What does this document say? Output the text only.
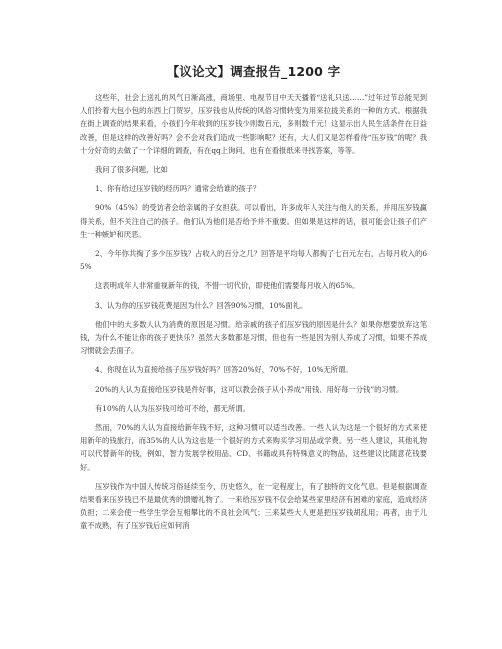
【议论文】调查报告_1200 字

这些年，社会上送礼的风气日渐高涨，商场里、电视节目中天天播着“送礼只送……”过年过节总能见到人们拎着大包小包的东西上门贺岁，压岁钱也从传统的风俗习惯转变为用来拉拢关系的一种的方式。根据我在街上调查的结果来看，小孩们今年收到的压岁钱少则数百元，多则数千元！这显示出人民生活条件在日益改善，但是这样的改善好吗？会不会对我们造成一些影响呢？还有，大人们又是怎样看待“压岁钱”的呢？我十分好奇的去做了一个详细的调查，有在qq上询问，也有在看报纸来寻找答案，等等。

我问了很多问题，比如

1、你有给过压岁钱的经历吗？通常会给谁的孩子？

90%（45%）的受访者会给亲属的子女担获。可以看出，许多成年人关注与他人的关系，并用压岁钱赢得关系，但不关注自己的孩子。他们认为他们是否给予并不重要。但如果是这样的话，很可能会让孩子们产生一种嫉妒和厌恶。

2、今年你共掏了多少压岁钱？占收入的百分之几？回答是平均每人都掏了七百元左右，占每月收入的65%

这表明成年人非常重视新年的钱，不惜一切代价，即使他们需要每月收入的65%。

3、认为你的压岁钱花费是因为什么？回答90%习惯，10%面礼。

他们中的大多数人认为消费的原因是习惯。给亲戚的孩子们压岁钱的原因是什么？如果你想要放弃这笔钱，为什么不能让你的孩子更快乐？虽然大多数都是习惯，但也有一些是因为别人养成了习惯，如果不养成习惯就会丢面子。

4、你现在认为直接给孩子压岁钱好吗？回答20%好，70%不好，10%无所谓。

20%的人认为直接给压岁钱是件好事，这可以教会孩子从小养成“用钱、用好每一分钱”的习惯。

有10%的人认为压岁钱可给可不给，都无所谓。

然而，70%的人认为直接给新年钱不好，这种习惯可以适当改善。一些人认为这是一个很好的方式来使用新年的钱旅行，而35%的人认为这也是一个很好的方式来购买学习用品或学费。另一些人建议，其他礼物可以代替新年的钱，例如，智力发展学校用品、CD、书籍或具有特殊意义的物品，这些建议比随意花钱要好。

压岁钱作为中国人传统习俗延续至今，历史悠久，在一定程度上，有了独特的文化气息。但是根据调查结果看来压岁钱已不是最优秀的馈赠礼物了。一来给压岁钱不仅会给某些家里经济有困难的家庭，造成经济负担；二来会使一些学生学会互相攀比的不良社会风气；三来某些大人更是把压岁钱胡乱用；再者，由于儿童不成熟，有了压岁钱后应如何消
